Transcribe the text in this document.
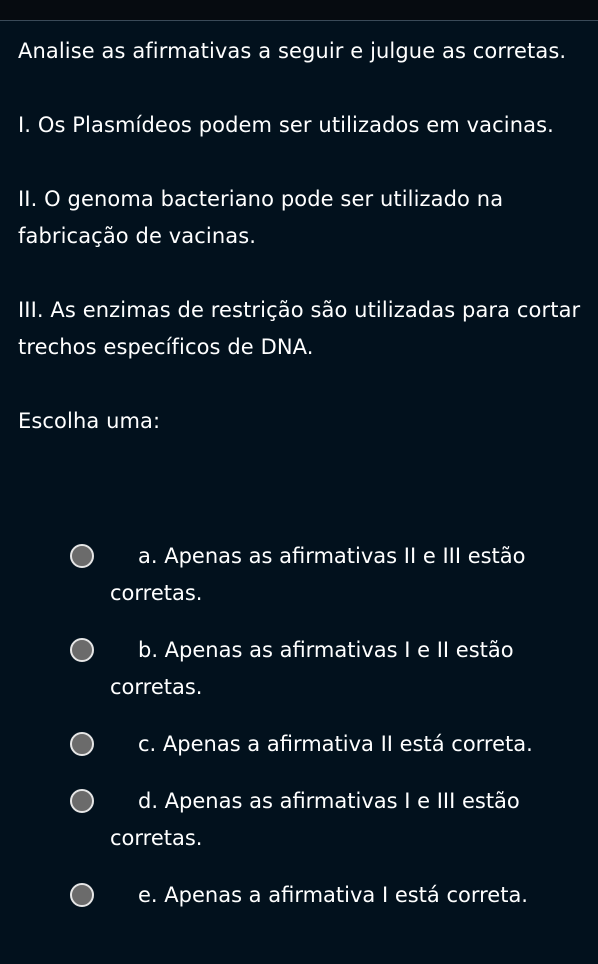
Analise as afirmativas a seguir e julgue as corretas.

I. Os Plasmídeos podem ser utilizados em vacinas.

II. O genoma bacteriano pode ser utilizado na fabricação de vacinas.

III. As enzimas de restrição são utilizadas para cortar trechos específicos de DNA.

Escolha uma:

a. Apenas as afirmativas II e III estão corretas.
b. Apenas as afirmativas I e II estão corretas.
c. Apenas a afirmativa II está correta.
d. Apenas as afirmativas I e III estão corretas.
e. Apenas a afirmativa I está correta.
